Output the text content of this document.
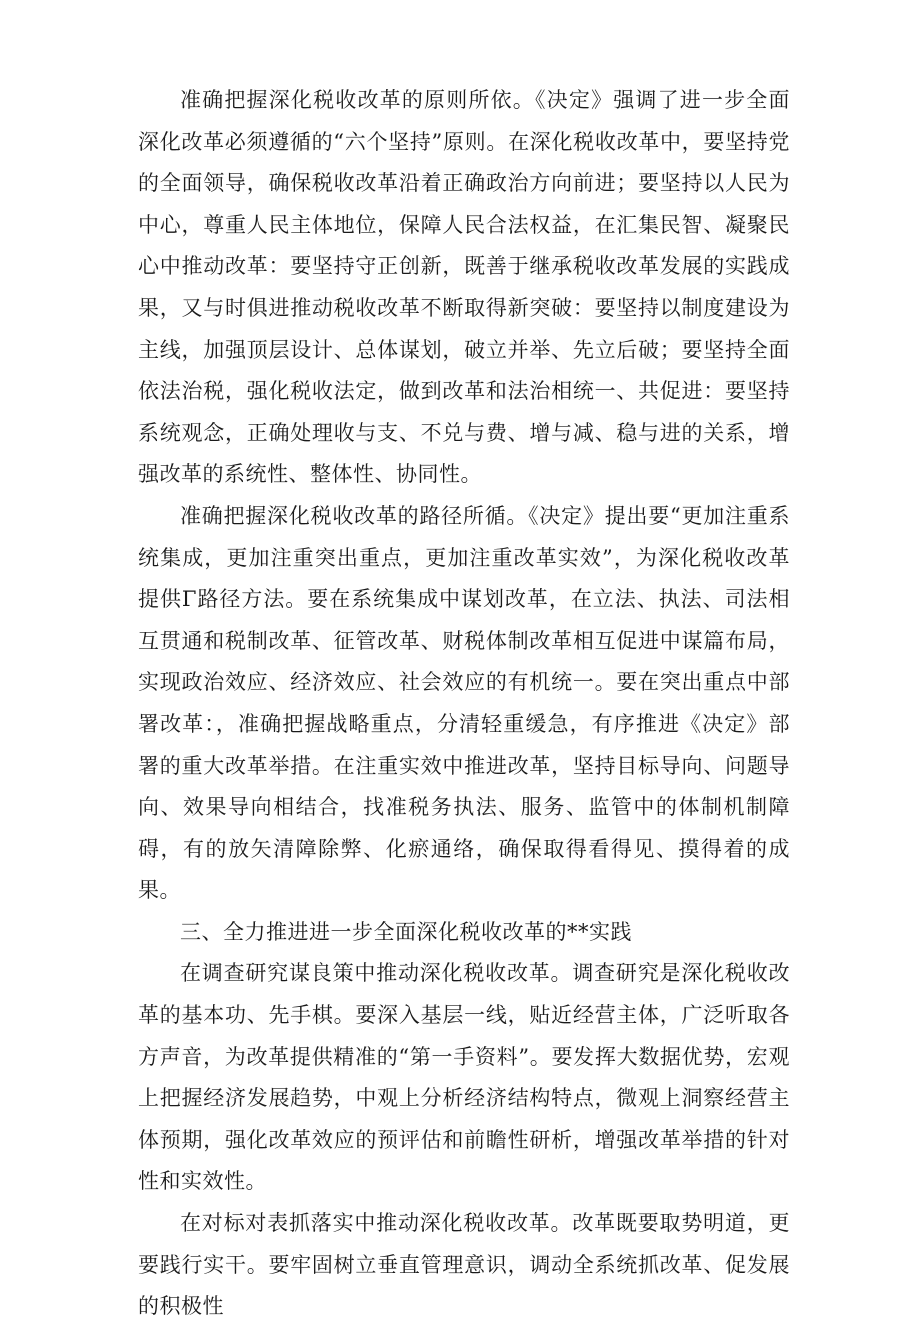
准确把握深化税收改革的原则所依。《决定》强调了进一步全面深化改革必须遵循的“六个坚持”原则。在深化税收改革中，要坚持党的全面领导，确保税收改革沿着正确政治方向前进；要坚持以人民为中心，尊重人民主体地位，保障人民合法权益，在汇集民智、凝聚民心中推动改革：要坚持守正创新，既善于继承税收改革发展的实践成果，又与时俱进推动税收改革不断取得新突破：要坚持以制度建设为主线，加强顶层设计、总体谋划，破立并举、先立后破；要坚持全面依法治税，强化税收法定，做到改革和法治相统一、共促进：要坚持系统观念，正确处理收与支、不兑与费、增与减、稳与进的关系，增强改革的系统性、整体性、协同性。

准确把握深化税收改革的路径所循。《决定》提出要“更加注重系统集成，更加注重突出重点，更加注重改革实效”，为深化税收改革提供Γ路径方法。要在系统集成中谋划改革，在立法、执法、司法相互贯通和税制改革、征管改革、财税体制改革相互促进中谋篇布局，实现政治效应、经济效应、社会效应的有机统一。要在突出重点中部署改革：，准确把握战略重点，分清轻重缓急，有序推进《决定》部署的重大改革举措。在注重实效中推进改革，坚持目标导向、问题导向、效果导向相结合，找准税务执法、服务、监管中的体制机制障碍，有的放矢清障除弊、化瘀通络，确保取得看得见、摸得着的成果。

三、全力推进进一步全面深化税收改革的**实践

在调查研究谋良策中推动深化税收改革。调查研究是深化税收改革的基本功、先手棋。要深入基层一线，贴近经营主体，广泛听取各方声音，为改革提供精准的“第一手资料”。要发挥大数据优势，宏观上把握经济发展趋势，中观上分析经济结构特点，微观上洞察经营主体预期，强化改革效应的预评估和前瞻性研析，增强改革举措的针对性和实效性。

在对标对表抓落实中推动深化税收改革。改革既要取势明道，更要践行实干。要牢固树立垂直管理意识，调动全系统抓改革、促发展的积极性
